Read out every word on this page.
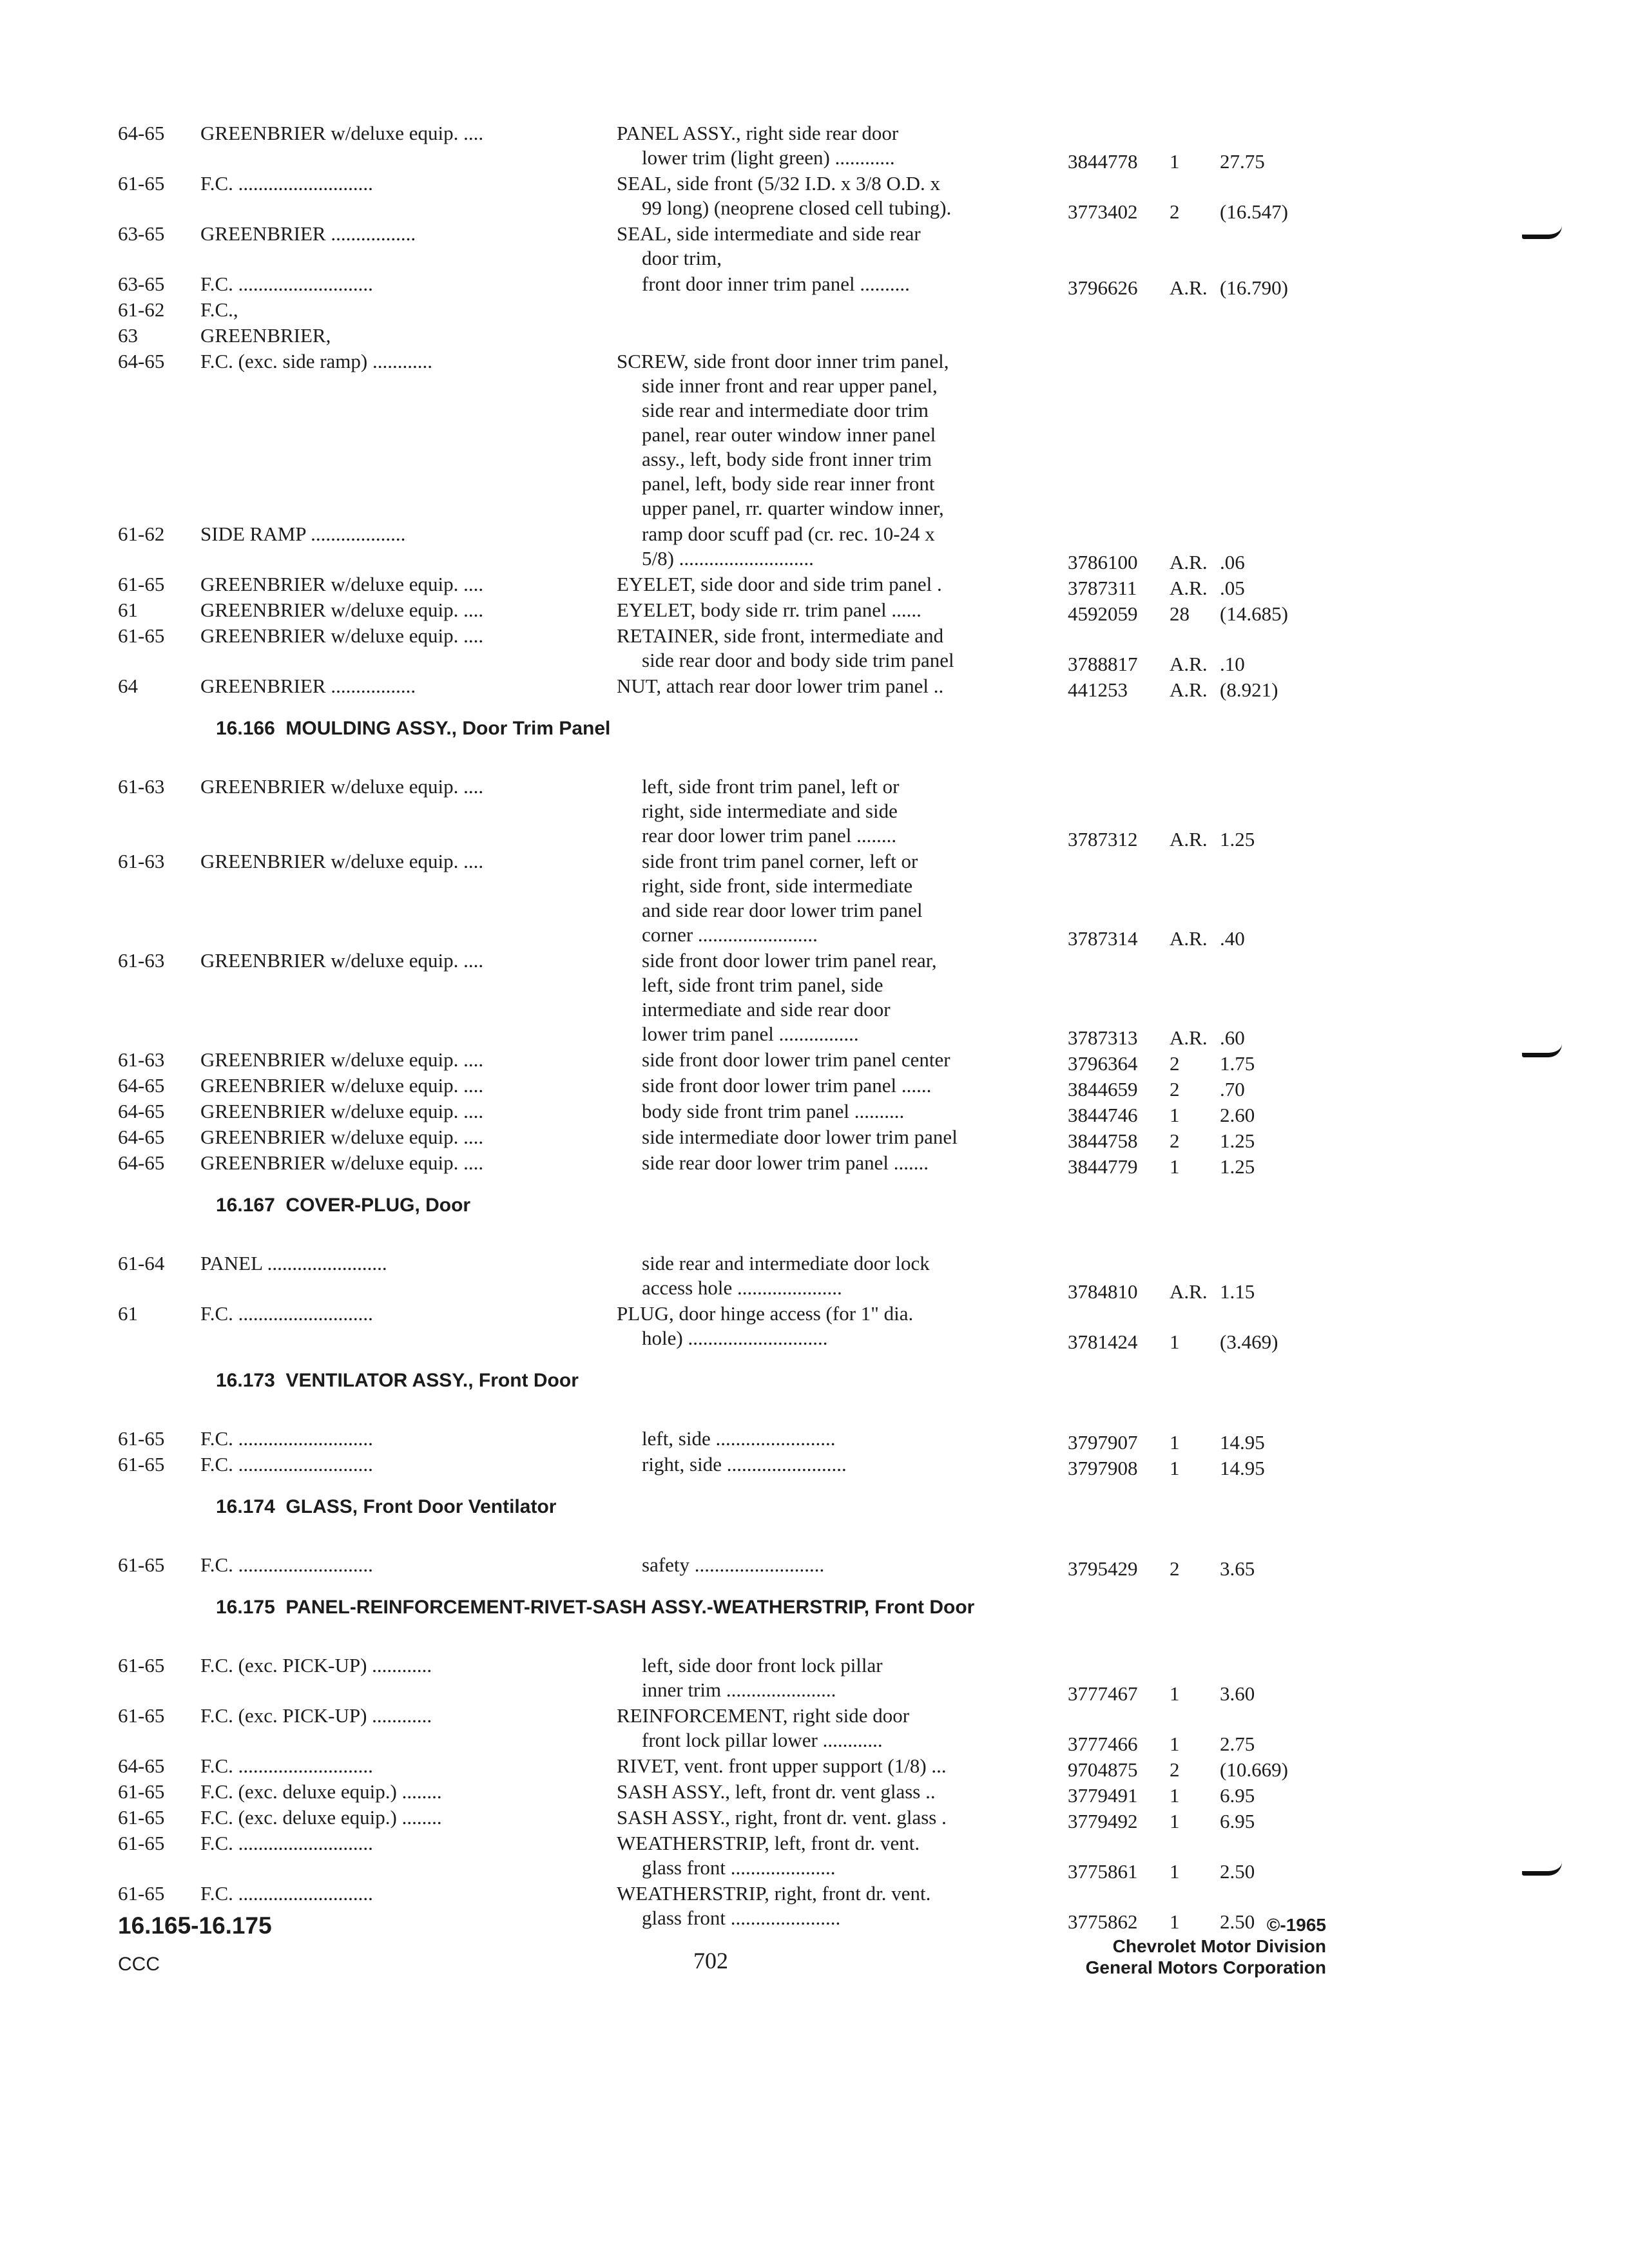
64-65 GREENBRIER w/deluxe equip. ....	PANEL ASSY., right side rear door
lower trim (light green) ............	3844778 1 27.75
61-65 F.C. ...........................	SEAL, side front (5/32 I.D. x 3/8 O.D. x
99 long) (neoprene closed cell tubing).	3773402 2 (16.547)
63-65 GREENBRIER .................	SEAL, side intermediate and side rear
door trim,
63-65 F.C. ...........................	front door inner trim panel ..........	3796626 A.R. (16.790)
61-62 F.C.,
63	GREENBRIER,
64-65 F.C. (exc. side ramp) ............	SCREW, side front door inner trim panel,
side inner front and rear upper panel,
side rear and intermediate door trim
panel, rear outer window inner panel
assy., left, body side front inner trim
panel, left, body side rear inner front
upper panel, rr. quarter window inner,
61-62 SIDE RAMP ...................	ramp door scuff pad (cr. rec. 10-24 x
5/8) ...........................	3786100 A.R. .06
61-65 GREENBRIER w/deluxe equip. ....	EYELET, side door and side trim panel .	3787311 A.R. .05
61	GREENBRIER w/deluxe equip. ....	EYELET, body side rr. trim panel ......	4592059 28 (14.685)
61-65 GREENBRIER w/deluxe equip. ....	RETAINER, side front, intermediate and
side rear door and body side trim panel	3788817 A.R. .10
64	GREENBRIER .................	NUT, attach rear door lower trim panel ..	441253 A.R. (8.921)
16.166  MOULDING ASSY., Door Trim Panel
61-63 GREENBRIER w/deluxe equip. ....	left, side front trim panel, left or
right, side intermediate and side
rear door lower trim panel ........	3787312 A.R. 1.25
61-63 GREENBRIER w/deluxe equip. ....	side front trim panel corner, left or
right, side front, side intermediate
and side rear door lower trim panel
corner ........................	3787314 A.R. .40
61-63 GREENBRIER w/deluxe equip. ....	side front door lower trim panel rear,
left, side front trim panel, side
intermediate and side rear door
lower trim panel ................	3787313 A.R. .60
61-63 GREENBRIER w/deluxe equip. ....	side front door lower trim panel center	3796364 2 1.75
64-65 GREENBRIER w/deluxe equip. ....	side front door lower trim panel ......	3844659 2 .70
64-65 GREENBRIER w/deluxe equip. ....	body side front trim panel ..........	3844746 1 2.60
64-65 GREENBRIER w/deluxe equip. ....	side intermediate door lower trim panel	3844758 2 1.25
64-65 GREENBRIER w/deluxe equip. ....	side rear door lower trim panel .......	3844779 1 1.25
16.167  COVER-PLUG, Door
61-64 PANEL ........................	side rear and intermediate door lock
access hole .....................	3784810 A.R. 1.15
61	F.C. ...........................	PLUG, door hinge access (for 1" dia.
hole) ............................	3781424 1 (3.469)
16.173  VENTILATOR ASSY., Front Door
61-65 F.C. ...........................	left, side ........................	3797907 1 14.95
61-65 F.C. ...........................	right, side ........................	3797908 1 14.95
16.174  GLASS, Front Door Ventilator
61-65 F.C. ...........................	safety ..........................	3795429 2 3.65
16.175  PANEL-REINFORCEMENT-RIVET-SASH ASSY.-WEATHERSTRIP, Front Door
61-65 F.C. (exc. PICK-UP) ............	left, side door front lock pillar
inner trim ......................	3777467 1 3.60
61-65 F.C. (exc. PICK-UP) ............	REINFORCEMENT, right side door
front lock pillar lower ............	3777466 1 2.75
64-65 F.C. ...........................	RIVET, vent. front upper support (1/8) ...	9704875 2 (10.669)
61-65 F.C. (exc. deluxe equip.) ........	SASH ASSY., left, front dr. vent glass ..	3779491 1 6.95
61-65 F.C. (exc. deluxe equip.) ........	SASH ASSY., right, front dr. vent. glass .	3779492 1 6.95
61-65 F.C. ...........................	WEATHERSTRIP, left, front dr. vent.
glass front .....................	3775861 1 2.50
61-65 F.C. ...........................	WEATHERSTRIP, right, front dr. vent.
glass front ......................	3775862 1 2.50
16.165-16.175
CCC	702
©-1965
Chevrolet Motor Division
General Motors Corporation
